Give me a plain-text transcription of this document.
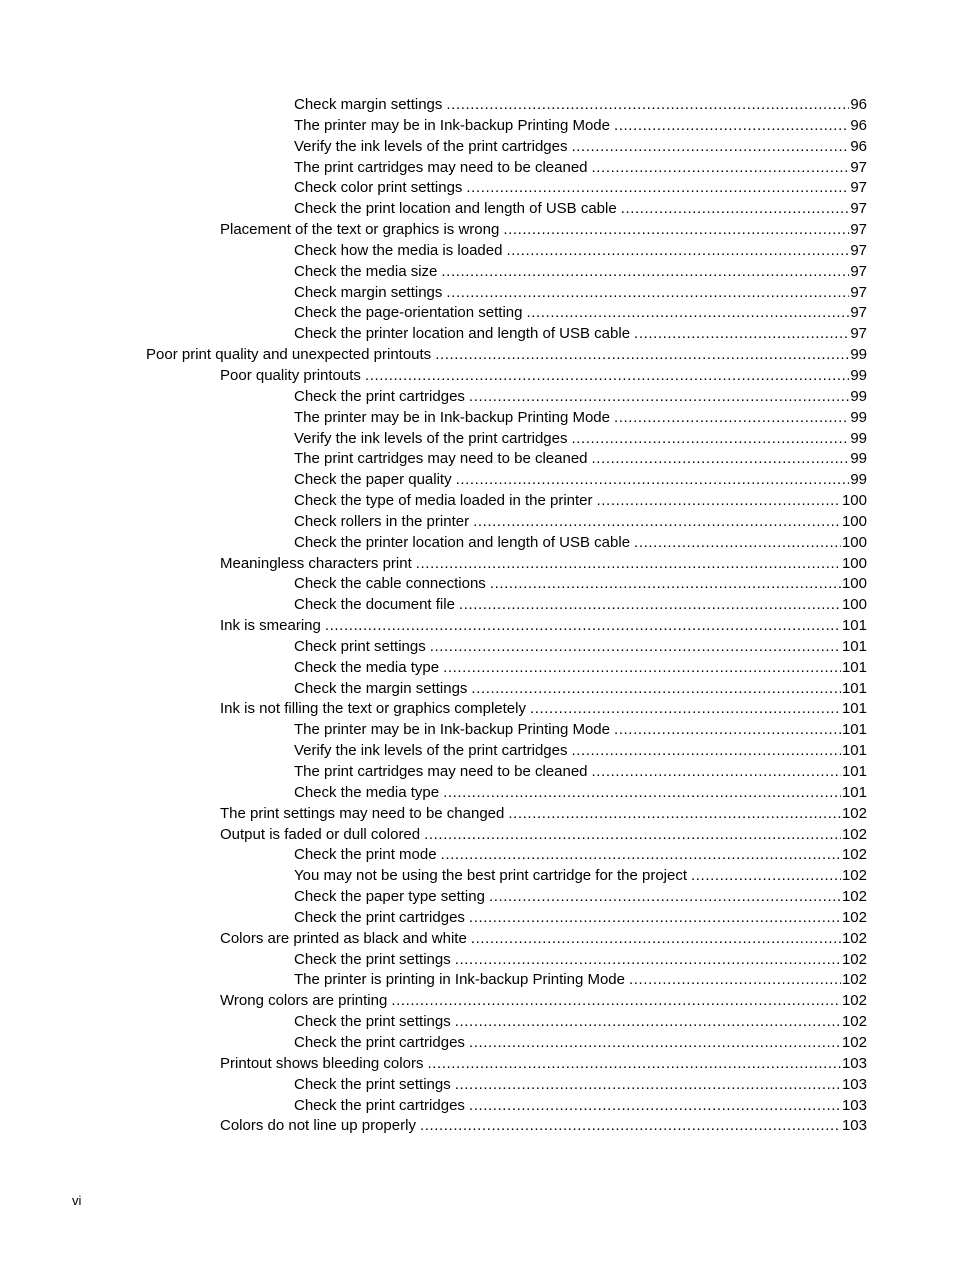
Check margin settings .....	96
The printer may be in Ink-backup Printing Mode .....	96
Verify the ink levels of the print cartridges .....	96
The print cartridges may need to be cleaned .....	97
Check color print settings .....	97
Check the print location and length of USB cable .....	97
Placement of the text or graphics is wrong .....	97
Check how the media is loaded .....	97
Check the media size .....	97
Check margin settings .....	97
Check the page-orientation setting .....	97
Check the printer location and length of USB cable .....	97
Poor print quality and unexpected printouts .....	99
Poor quality printouts .....	99
Check the print cartridges .....	99
The printer may be in Ink-backup Printing Mode .....	99
Verify the ink levels of the print cartridges .....	99
The print cartridges may need to be cleaned .....	99
Check the paper quality .....	99
Check the type of media loaded in the printer .....	100
Check rollers in the printer .....	100
Check the printer location and length of USB cable .....	100
Meaningless characters print .....	100
Check the cable connections .....	100
Check the document file .....	100
Ink is smearing .....	101
Check print settings .....	101
Check the media type .....	101
Check the margin settings .....	101
Ink is not filling the text or graphics completely .....	101
The printer may be in Ink-backup Printing Mode .....	101
Verify the ink levels of the print cartridges .....	101
The print cartridges may need to be cleaned .....	101
Check the media type .....	101
The print settings may need to be changed .....	102
Output is faded or dull colored .....	102
Check the print mode .....	102
You may not be using the best print cartridge for the project .....	102
Check the paper type setting .....	102
Check the print cartridges .....	102
Colors are printed as black and white .....	102
Check the print settings .....	102
The printer is printing in Ink-backup Printing Mode .....	102
Wrong colors are printing .....	102
Check the print settings .....	102
Check the print cartridges .....	102
Printout shows bleeding colors .....	103
Check the print settings .....	103
Check the print cartridges .....	103
Colors do not line up properly .....	103
vi
